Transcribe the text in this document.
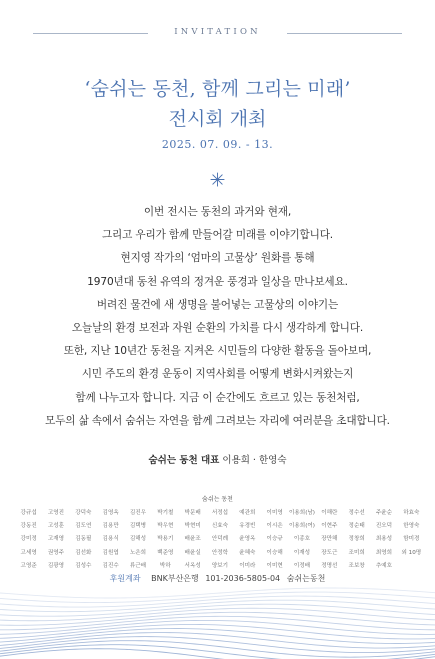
INVITATION
‘숨쉬는 동천, 함께 그리는 미래’
전시회 개최
2025. 07. 09. - 13.

이번 전시는 동천의 과거와 현재,

그리고 우리가 함께 만들어갈 미래를 이야기합니다.

현지영 작가의 ‘엄마의 고물상’ 원화를 통해

1970년대 동천 유역의 정겨운 풍경과 일상을 만나보세요.

버려진 물건에 새 생명을 불어넣는 고물상의 이야기는

오늘날의 환경 보전과 자원 순환의 가치를 다시 생각하게 합니다.

또한, 지난 10년간 동천을 지켜온 시민들의 다양한 활동을 돌아보며,

시민 주도의 환경 운동이 지역사회를 어떻게 변화시켜왔는지

함께 나누고자 합니다. 지금 이 순간에도 흐르고 있는 동천처럼,

모두의 삶 속에서 숨쉬는 자연을 함께 그려보는 자리에 여러분을 초대합니다.

숨쉬는 동천 대표 이용희 · 한영숙
숨쉬는 동천
강규섭	고영진	강덕숙	김영옥	김진우	박기철	박문배	서정섭	예관희	이미영	이용희(남)	이해란	정수선	주윤순	하효숙
강동진	고성훈	김도연	김용만	김택병	박우현	박현미	신효숙	유경빈	이시은	이용희(여)	이현주	정순태	진오덕	한영숙
강미정	고재영	김동필	김용식	김해성	박용기	배윤조	안덕례	윤영옥	이승규	이종호	장만해	정창희	최용성	함미경
고세영	권영주	김선화	김원엽	노은희	백준영	배윤실	안정학	윤혜숙	이승해	이재성	장도근	조미희	최영희	외 10명
고영준	김광영	김성수	김진수	류근배	박하	서옥성	양보기	이미라	이미현	이정배	정명선	조보창	추예호
후원계좌 BNK부산은행 101-2036-5805-04 숨쉬는동천
